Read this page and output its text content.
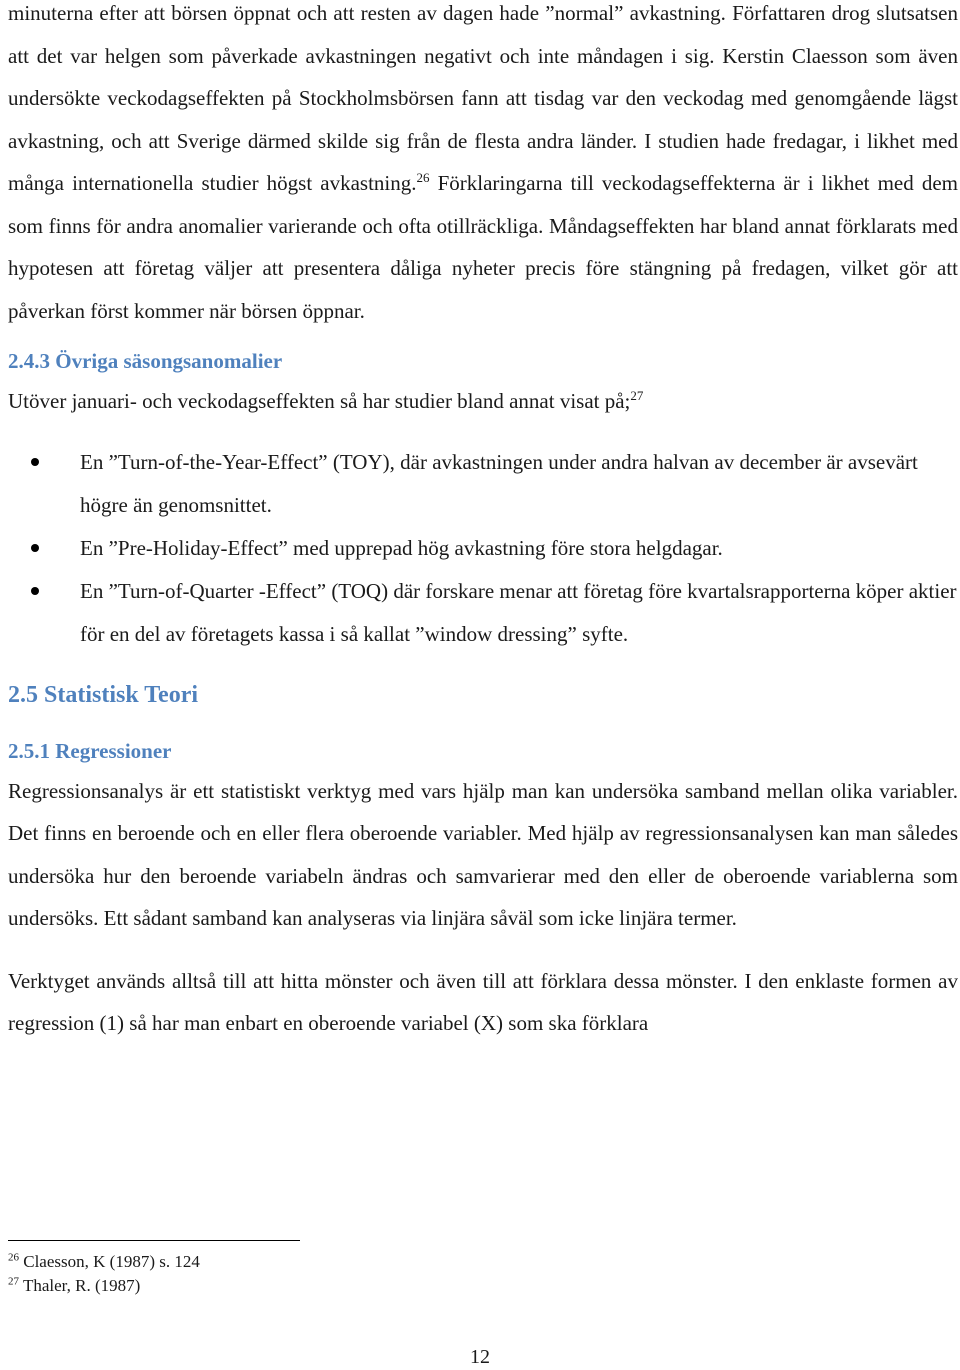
minuterna efter att börsen öppnat och att resten av dagen hade ”normal” avkastning. Författaren drog slutsatsen att det var helgen som påverkade avkastningen negativt och inte måndagen i sig. Kerstin Claesson som även undersökte veckodagseffekten på Stockholmsbörsen fann att tisdag var den veckodag med genomgående lägst avkastning, och att Sverige därmed skilde sig från de flesta andra länder. I studien hade fredagar, i likhet med många internationella studier högst avkastning.$^{26}$ Förklaringarna till veckodagseffekterna är i likhet med dem som finns för andra anomalier varierande och ofta otillräckliga. Måndagseffekten har bland annat förklarats med hypotesen att företag väljer att presentera dåliga nyheter precis före stängning på fredagen, vilket gör att påverkan först kommer när börsen öppnar.

2.4.3 Övriga säsongsanomalier

Utöver januari- och veckodagseffekten så har studier bland annat visat på;$^{27}$

En ”Turn-of-the-Year-Effect” (TOY), där avkastningen under andra halvan av december är avsevärt högre än genomsnittet.
En ”Pre-Holiday-Effect” med upprepad hög avkastning före stora helgdagar.
En ”Turn-of-Quarter -Effect” (TOQ) där forskare menar att företag före kvartalsrapporterna köper aktier för en del av företagets kassa i så kallat ”window dressing” syfte.
2.5 Statistisk Teori
2.5.1 Regressioner

Regressionsanalys är ett statistiskt verktyg med vars hjälp man kan undersöka samband mellan olika variabler. Det finns en beroende och en eller flera oberoende variabler. Med hjälp av regressionsanalysen kan man således undersöka hur den beroende variabeln ändras och samvarierar med den eller de oberoende variablerna som undersöks. Ett sådant samband kan analyseras via linjära såväl som icke linjära termer.

Verktyget används alltså till att hitta mönster och även till att förklara dessa mönster. I den enklaste formen av regression (1) så har man enbart en oberoende variabel (X) som ska förklara

$^{26}$ Claesson, K (1987) s. 124
$^{27}$ Thaler, R. (1987)
12
